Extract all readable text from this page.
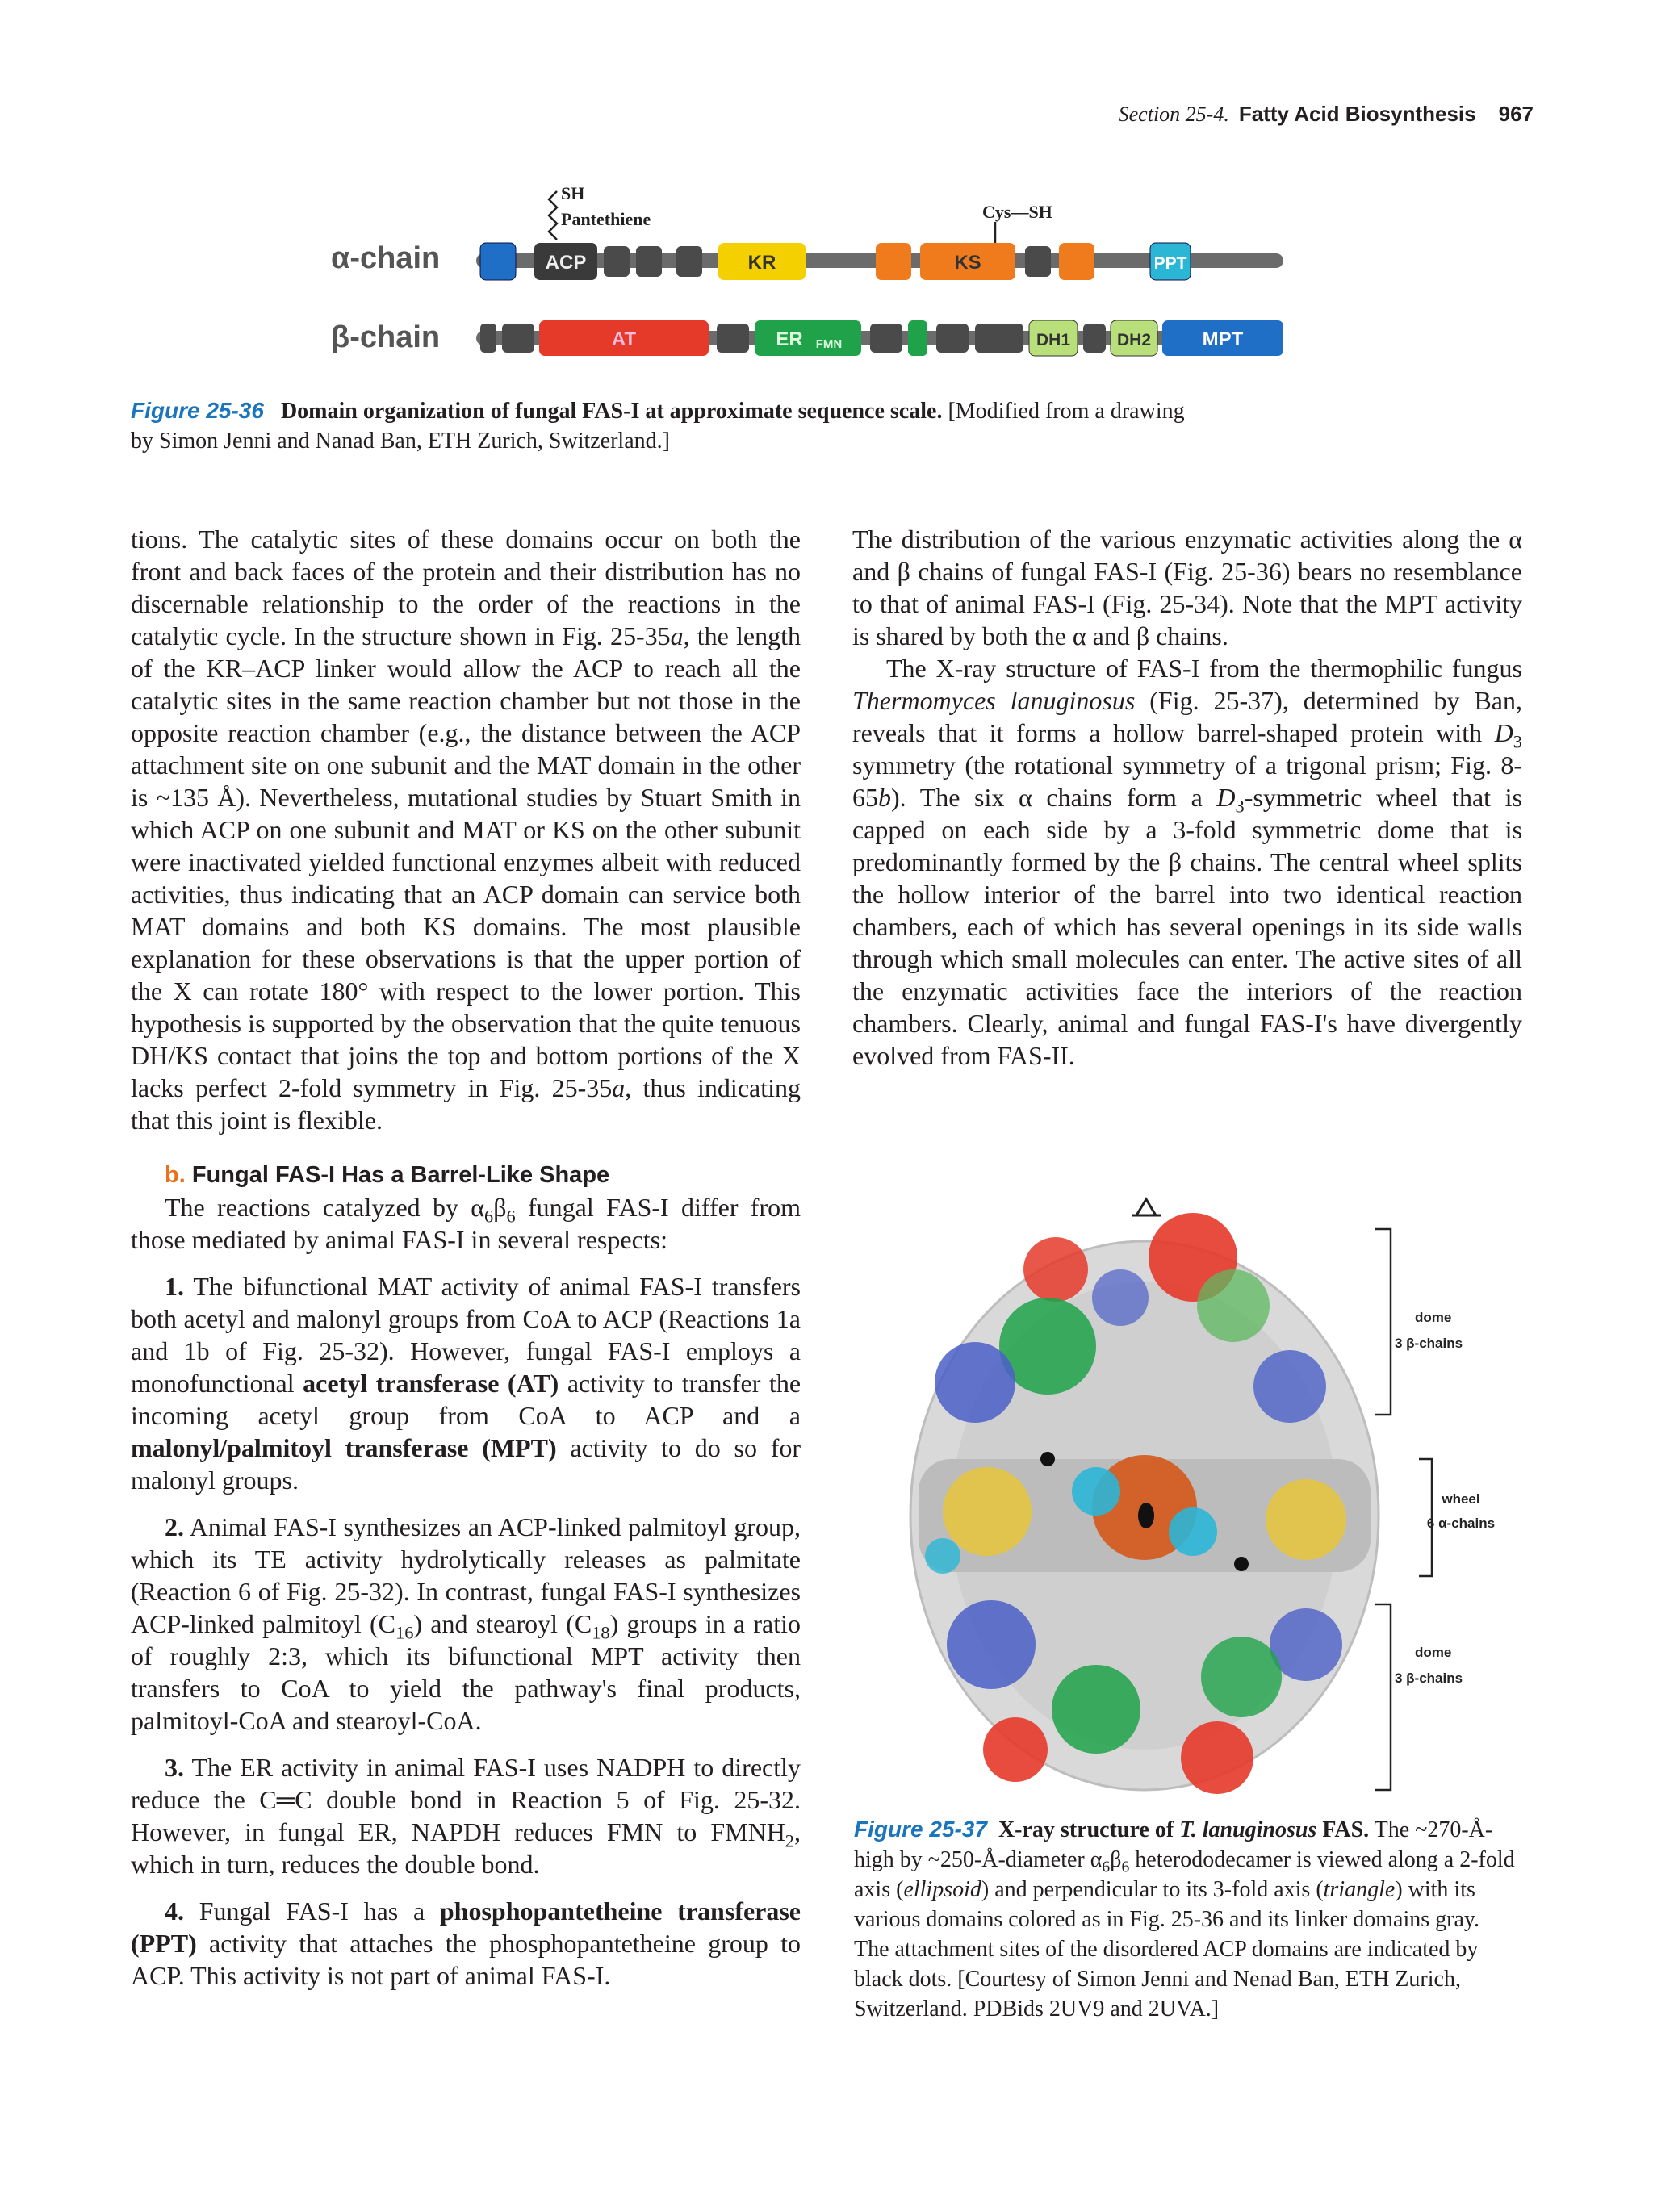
Section 25-4. Fatty Acid Biosynthesis 967
SH
Pantethiene	Cys—SH
α-chain	ACP	KR	KS	PPT
β-chain	AT	ER FMN	DH1	DH2	MPT
Figure 25-36 Domain organization of fungal FAS-I at approximate sequence scale. [Modified from a drawing by Simon Jenni and Nanad Ban, ETH Zurich, Switzerland.]

tions. The catalytic sites of these domains occur on both the front and back faces of the protein and their distribution has no discernable relationship to the order of the reactions in the catalytic cycle. In the structure shown in Fig. 25-35a, the length of the KR–ACP linker would allow the ACP to reach all the catalytic sites in the same reaction chamber but not those in the opposite reaction chamber (e.g., the distance between the ACP attachment site on one subunit and the MAT domain in the other is ~135 Å). Nevertheless, mutational studies by Stuart Smith in which ACP on one subunit and MAT or KS on the other subunit were inactivated yielded functional enzymes albeit with reduced activities, thus indicating that an ACP domain can service both MAT domains and both KS domains. The most plausible explanation for these observations is that the upper portion of the X can rotate 180° with respect to the lower portion. This hypothesis is supported by the observation that the quite tenuous DH/KS contact that joins the top and bottom portions of the X lacks perfect 2-fold symmetry in Fig. 25-35a, thus indicating that this joint is flexible.

b. Fungal FAS-I Has a Barrel-Like Shape

The reactions catalyzed by $\alpha_6\beta_6$ fungal FAS-I differ from those mediated by animal FAS-I in several respects:

1. The bifunctional MAT activity of animal FAS-I transfers both acetyl and malonyl groups from CoA to ACP (Reactions 1a and 1b of Fig. 25-32). However, fungal FAS-I employs a monofunctional acetyl transferase (AT) activity to transfer the incoming acetyl group from CoA to ACP and a malonyl/palmitoyl transferase (MPT) activity to do so for malonyl groups.

2. Animal FAS-I synthesizes an ACP-linked palmitoyl group, which its TE activity hydrolytically releases as palmitate (Reaction 6 of Fig. 25-32). In contrast, fungal FAS-I synthesizes ACP-linked palmitoyl $(C_{16})$ and stearoyl $(C_{18})$ groups in a ratio of roughly 2:3, which its bifunctional MPT activity then transfers to CoA to yield the pathway's final products, palmitoyl-CoA and stearoyl-CoA.

3. The ER activity in animal FAS-I uses NADPH to directly reduce the C═C double bond in Reaction 5 of Fig. 25-32. However, in fungal ER, NAPDH reduces FMN to $FMNH_2$, which in turn, reduces the double bond.

4. Fungal FAS-I has a phosphopantetheine transferase (PPT) activity that attaches the phosphopantetheine group to ACP. This activity is not part of animal FAS-I.

The distribution of the various enzymatic activities along the α and β chains of fungal FAS-I (Fig. 25-36) bears no resemblance to that of animal FAS-I (Fig. 25-34). Note that the MPT activity is shared by both the α and β chains.

The X-ray structure of FAS-I from the thermophilic fungus Thermomyces lanuginosus (Fig. 25-37), determined by Ban, reveals that it forms a hollow barrel-shaped protein with $D_3$ symmetry (the rotational symmetry of a trigonal prism; Fig. 8-65b). The six α chains form a $D_3$-symmetric wheel that is capped on each side by a 3-fold symmetric dome that is predominantly formed by the β chains. The central wheel splits the hollow interior of the barrel into two identical reaction chambers, each of which has several openings in its side walls through which small molecules can enter. The active sites of all the enzymatic activities face the interiors of the reaction chambers. Clearly, animal and fungal FAS-I's have divergently evolved from FAS-II.

dome
3 β-chains
wheel
6 α-chains
dome
3 β-chains
Figure 25-37 X-ray structure of T. lanuginosus FAS. The ~270-Å-high by ~250-Å-diameter $\alpha_6\beta_6$ heterododecamer is viewed along a 2-fold axis (ellipsoid) and perpendicular to its 3-fold axis (triangle) with its various domains colored as in Fig. 25-36 and its linker domains gray. The attachment sites of the disordered ACP domains are indicated by black dots. [Courtesy of Simon Jenni and Nenad Ban, ETH Zurich, Switzerland. PDBids 2UV9 and 2UVA.]
